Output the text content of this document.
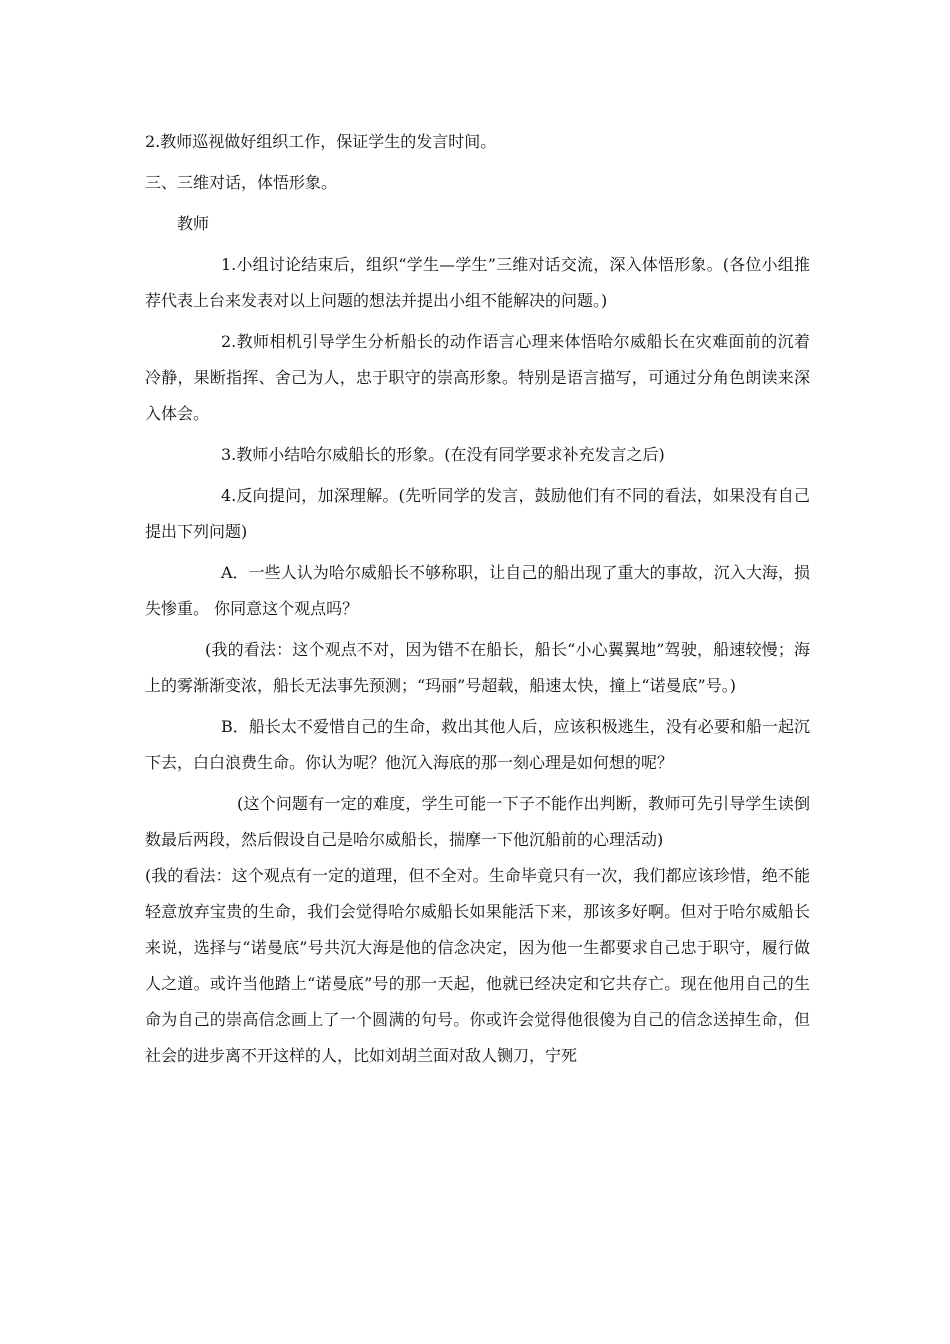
2.教师巡视做好组织工作，保证学生的发言时间。

三、三维对话，体悟形象。

教师

1.小组讨论结束后，组织“学生—学生”三维对话交流，深入体悟形象。(各位小组推荐代表上台来发表对以上问题的想法并提出小组不能解决的问题。)

2.教师相机引导学生分析船长的动作语言心理来体悟哈尔威船长在灾难面前的沉着冷静，果断指挥、舍己为人，忠于职守的崇高形象。特别是语言描写，可通过分角色朗读来深入体会。

3.教师小结哈尔威船长的形象。(在没有同学要求补充发言之后)

4.反向提问，加深理解。(先听同学的发言，鼓励他们有不同的看法，如果没有自己提出下列问题)

A．一些人认为哈尔威船长不够称职，让自己的船出现了重大的事故，沉入大海，损失惨重。 你同意这个观点吗？

(我的看法：这个观点不对，因为错不在船长，船长“小心翼翼地”驾驶，船速较慢；海上的雾渐渐变浓，船长无法事先预测；“玛丽”号超载，船速太快，撞上“诺曼底”号。)

B．船长太不爱惜自己的生命，救出其他人后，应该积极逃生，没有必要和船一起沉下去，白白浪费生命。你认为呢？他沉入海底的那一刻心理是如何想的呢？

(这个问题有一定的难度，学生可能一下子不能作出判断，教师可先引导学生读倒数最后两段，然后假设自己是哈尔威船长，揣摩一下他沉船前的心理活动)

(我的看法：这个观点有一定的道理，但不全对。生命毕竟只有一次，我们都应该珍惜，绝不能轻意放弃宝贵的生命，我们会觉得哈尔威船长如果能活下来，那该多好啊。但对于哈尔威船长来说，选择与“诺曼底”号共沉大海是他的信念决定，因为他一生都要求自己忠于职守，履行做人之道。或许当他踏上“诺曼底”号的那一天起，他就已经决定和它共存亡。现在他用自己的生命为自己的崇高信念画上了一个圆满的句号。你或许会觉得他很傻为自己的信念送掉生命，但社会的进步离不开这样的人，比如刘胡兰面对敌人铡刀，宁死
